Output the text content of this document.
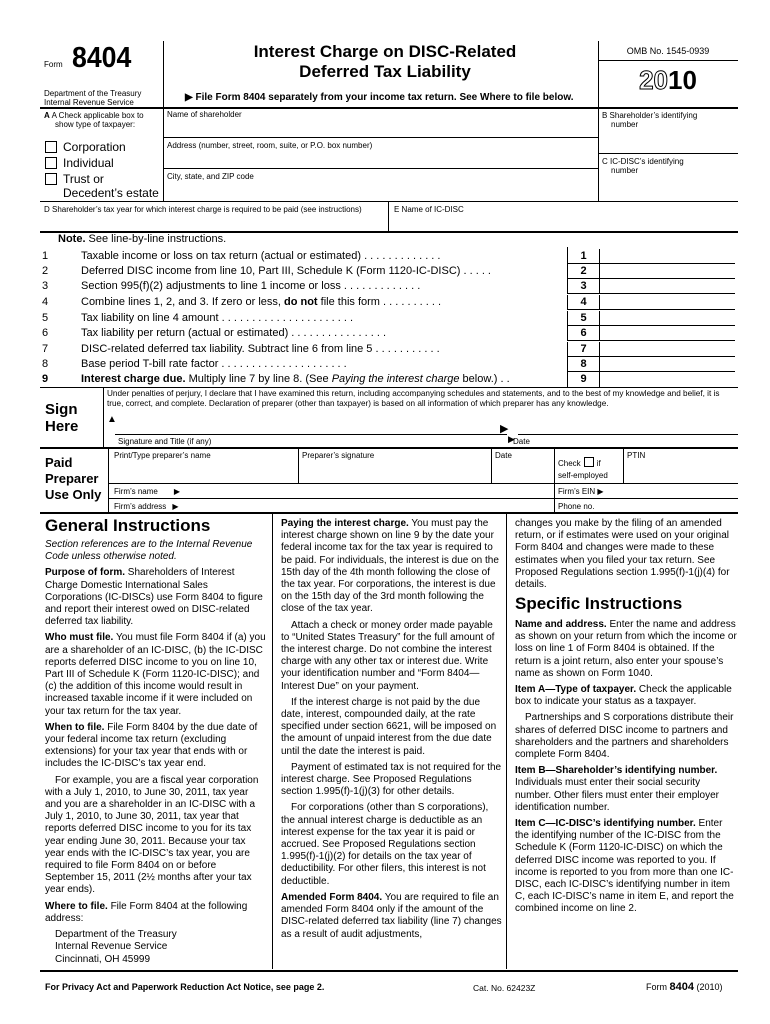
Form 8404
Department of the Treasury
Internal Revenue Service
Interest Charge on DISC-Related
Deferred Tax Liability
▶ File Form 8404 separately from your income tax return. See Where to file below.
OMB No. 1545-0939
2010
A A Check applicable box to
show type of taxpayer:
Corporation
Individual
Trust or
Decedent’s estate
Name of shareholder
Address (number, street, room, suite, or P.O. box number)
City, state, and ZIP code
B Shareholder’s identifying
number
C IC-DISC’s identifying
number
D Shareholder’s tax year for which interest charge is required to be paid (see instructions)	E Name of IC-DISC
Note. See line-by-line instructions.
1	Taxable income or loss on tax return (actual or estimated) . . . . . . . . . . . . .
2	Deferred DISC income from line 10, Part III, Schedule K (Form 1120-IC-DISC) . . . . .
3	Section 995(f)(2) adjustments to line 1 income or loss . . . . . . . . . . . . .
4	Combine lines 1, 2, and 3. If zero or less, do not file this form . . . . . . . . . .
5	Tax liability on line 4 amount . . . . . . . . . . . . . . . . . . . . . .
6	Tax liability per return (actual or estimated) . . . . . . . . . . . . . . . .
7	DISC-related deferred tax liability. Subtract line 6 from line 5 . . . . . . . . . . .
8	Base period T-bill rate factor . . . . . . . . . . . . . . . . . . . . .
9	Interest charge due. Multiply line 7 by line 8. (See Paying the interest charge below.) . .
1
2
3
4
5
6
7
8
9
Sign
Here
Under penalties of perjury, I declare that I have examined this return, including accompanying schedules and statements, and to the best of my knowledge and belief, it is true, correct, and complete. Declaration of preparer (other than taxpayer) is based on all information of which preparer has any knowledge.
▲
▶
Signature and Title (if any)	Date
▶
Paid
Preparer
Use Only
Print/Type preparer’s name	Preparer’s signature	Date
Check if
self-employed
PTIN
Firm’s name ▶	Firm’s EIN ▶
Firm’s address ▶	Phone no.
General Instructions

Section references are to the Internal Revenue Code unless otherwise noted.

Purpose of form. Shareholders of Interest Charge Domestic International Sales Corporations (IC-DISCs) use Form 8404 to figure and report their interest owed on DISC-related deferred tax liability.

Who must file. You must file Form 8404 if (a) you are a shareholder of an IC-DISC, (b) the IC-DISC reports deferred DISC income to you on line 10, Part III of Schedule K (Form 1120-IC-DISC); and (c) the addition of this income would result in increased taxable income if it were included on your tax return for the tax year.

When to file. File Form 8404 by the due date of your federal income tax return (excluding extensions) for your tax year that ends with or includes the IC-DISC’s tax year end.

For example, you are a fiscal year corporation with a July 1, 2010, to June 30, 2011, tax year and you are a shareholder in an IC-DISC with a July 1, 2010, to June 30, 2011, tax year that reports deferred DISC income to you for its tax year ending June 30, 2011. Because your tax year ends with the IC-DISC’s tax year, you are required to file Form 8404 on or before September 15, 2011 (2½ months after your tax year ends).

Where to file. File Form 8404 at the following address:

Department of the Treasury

Internal Revenue Service

Cincinnati, OH 45999

Paying the interest charge. You must pay the interest charge shown on line 9 by the date your federal income tax for the tax year is required to be paid. For individuals, the interest is due on the 15th day of the 4th month following the close of the tax year. For corporations, the interest is due on the 15th day of the 3rd month following the close of the tax year.

Attach a check or money order made payable to “United States Treasury” for the full amount of the interest charge. Do not combine the interest charge with any other tax or interest due. Write your identification number and “Form 8404—Interest Due” on your payment.

If the interest charge is not paid by the due date, interest, compounded daily, at the rate specified under section 6621, will be imposed on the amount of unpaid interest from the due date until the date the interest is paid.

Payment of estimated tax is not required for the interest charge. See Proposed Regulations section 1.995(f)-1(j)(3) for other details.

For corporations (other than S corporations), the annual interest charge is deductible as an interest expense for the tax year it is paid or accrued. See Proposed Regulations section 1.995(f)-1(j)(2) for details on the tax year of deductibility. For other filers, this interest is not deductible.

Amended Form 8404. You are required to file an amended Form 8404 only if the amount of the DISC-related deferred tax liability (line 7) changes as a result of audit adjustments,

changes you make by the filing of an amended return, or if estimates were used on your original Form 8404 and changes were made to these estimates when you filed your tax return. See Proposed Regulations section 1.995(f)-1(j)(4) for details.

Specific Instructions

Name and address. Enter the name and address as shown on your return from which the income or loss on line 1 of Form 8404 is obtained. If the return is a joint return, also enter your spouse’s name as shown on Form 1040.

Item A—Type of taxpayer. Check the applicable box to indicate your status as a taxpayer.

Partnerships and S corporations distribute their shares of deferred DISC income to partners and shareholders and the partners and shareholders complete Form 8404.

Item B—Shareholder’s identifying number. Individuals must enter their social security number. Other filers must enter their employer identification number.

Item C—IC-DISC’s identifying number. Enter the identifying number of the IC-DISC from the Schedule K (Form 1120-IC-DISC) on which the deferred DISC income was reported to you. If income is reported to you from more than one IC-DISC, each IC-DISC’s identifying number in item C, each IC-DISC’s name in item E, and report the combined income on line 2.

For Privacy Act and Paperwork Reduction Act Notice, see page 2.	Cat. No. 62423Z	Form 8404 (2010)
